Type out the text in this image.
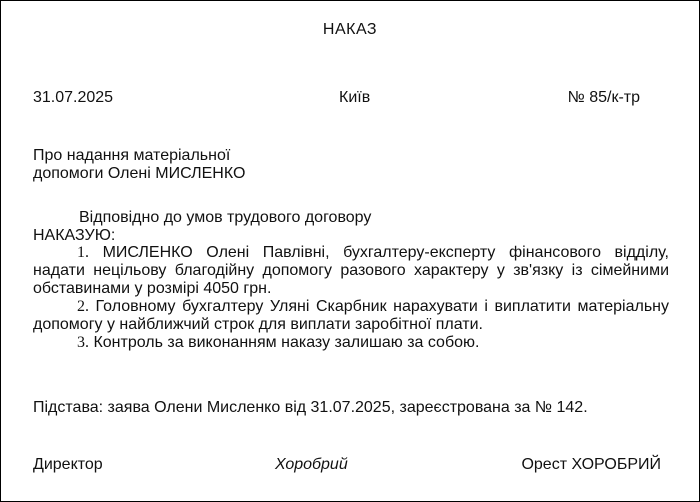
НАКАЗ
31.07.2025	Київ	№ 85/к-тр
Про надання матеріальної
допомоги Олені МИСЛЕНКО
Відповідно до умов трудового договору
НАКАЗУЮ:
1. МИСЛЕНКО Олені Павлівні, бухгалтеру-експерту фінансового відділу, надати нецільову благодійну допомогу разового характеру у зв'язку із сімейними обставинами у розмірі 4050 грн.
2. Головному бухгалтеру Уляні Скарбник нарахувати і виплатити матеріальну допомогу у найближчий строк для виплати заробітної плати.
3. Контроль за виконанням наказу залишаю за собою.
Підстава: заява Олени Мисленко від 31.07.2025, зареєстрована за № 142.
Директор	Хоробрий	Орест ХОРОБРИЙ
